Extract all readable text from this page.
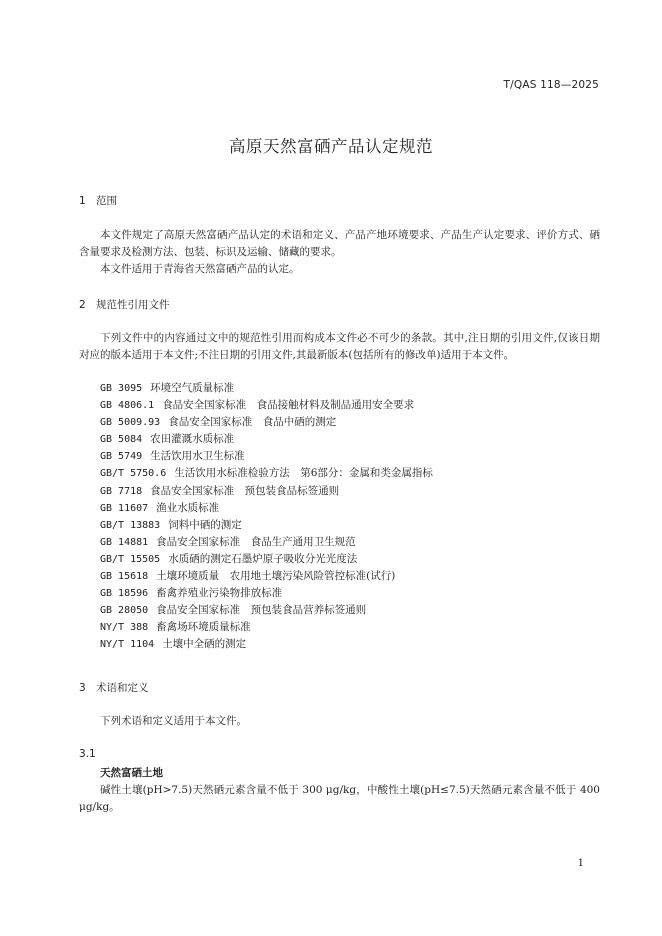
T/QAS 118—2025
高原天然富硒产品认定规范
1 范围

本文件规定了高原天然富硒产品认定的术语和定义、产品产地环境要求、产品生产认定要求、评价方式、硒含量要求及检测方法、包装、标识及运输、储藏的要求。

本文件适用于青海省天然富硒产品的认定。

2 规范性引用文件

下列文件中的内容通过文中的规范性引用而构成本文件必不可少的条款。其中,注日期的引用文件,仅该日期对应的版本适用于本文件;不注日期的引用文件,其最新版本(包括所有的修改单)适用于本文件。

GB 3095 环境空气质量标准
GB 4806.1 食品安全国家标准　食品接触材料及制品通用安全要求
GB 5009.93 食品安全国家标准　食品中硒的测定
GB 5084 农田灌溉水质标准
GB 5749 生活饮用水卫生标准
GB/T 5750.6 生活饮用水标准检验方法　第6部分：金属和类金属指标
GB 7718 食品安全国家标准　预包装食品标签通则
GB 11607 渔业水质标准
GB/T 13883 饲料中硒的测定
GB 14881 食品安全国家标准　食品生产通用卫生规范
GB/T 15505 水质硒的测定石墨炉原子吸收分光光度法
GB 15618 土壤环境质量　农用地土壤污染风险管控标准(试行)
GB 18596 畜禽养殖业污染物排放标准
GB 28050 食品安全国家标准　预包装食品营养标签通则
NY/T 388 畜禽场环境质量标准
NY/T 1104 土壤中全硒的测定
3 术语和定义

下列术语和定义适用于本文件。

3.1
天然富硒土地

碱性土壤(pH>7.5)天然硒元素含量不低于 300 μg/kg，中酸性土壤(pH≤7.5)天然硒元素含量不低于 400 μg/kg。

1
